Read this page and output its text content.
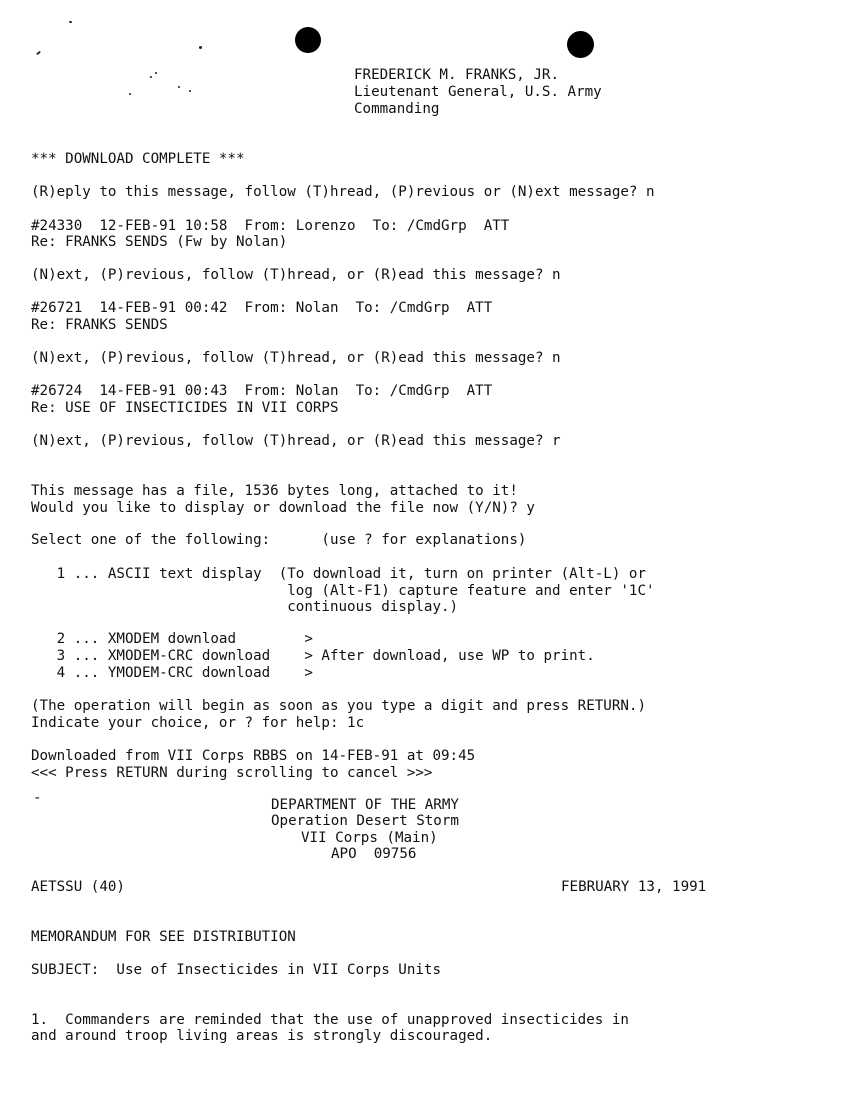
FREDERICK M. FRANKS, JR.
Lieutenant General, U.S. Army
Commanding
*** DOWNLOAD COMPLETE ***
(R)eply to this message, follow (T)hread, (P)revious or (N)ext message? n
#24330  12-FEB-91 10:58  From: Lorenzo  To: /CmdGrp  ATT
Re: FRANKS SENDS (Fw by Nolan)
(N)ext, (P)revious, follow (T)hread, or (R)ead this message? n
#26721  14-FEB-91 00:42  From: Nolan  To: /CmdGrp  ATT
Re: FRANKS SENDS
(N)ext, (P)revious, follow (T)hread, or (R)ead this message? n
#26724  14-FEB-91 00:43  From: Nolan  To: /CmdGrp  ATT
Re: USE OF INSECTICIDES IN VII CORPS
(N)ext, (P)revious, follow (T)hread, or (R)ead this message? r
This message has a file, 1536 bytes long, attached to it!
Would you like to display or download the file now (Y/N)? y
Select one of the following:      (use ? for explanations)
1 ... ASCII text display  (To download it, turn on printer (Alt-L) or
log (Alt-F1) capture feature and enter '1C'
continuous display.)
2 ... XMODEM download        >
3 ... XMODEM-CRC download    > After download, use WP to print.
4 ... YMODEM-CRC download    >
(The operation will begin as soon as you type a digit and press RETURN.)
Indicate your choice, or ? for help: 1c
Downloaded from VII Corps RBBS on 14-FEB-91 at 09:45
<<< Press RETURN during scrolling to cancel >>>
-	DEPARTMENT OF THE ARMY
Operation Desert Storm
VII Corps (Main)
APO  09756
AETSSU (40)	FEBRUARY 13, 1991
MEMORANDUM FOR SEE DISTRIBUTION
SUBJECT:  Use of Insecticides in VII Corps Units
1.  Commanders are reminded that the use of unapproved insecticides in
and around troop living areas is strongly discouraged.
